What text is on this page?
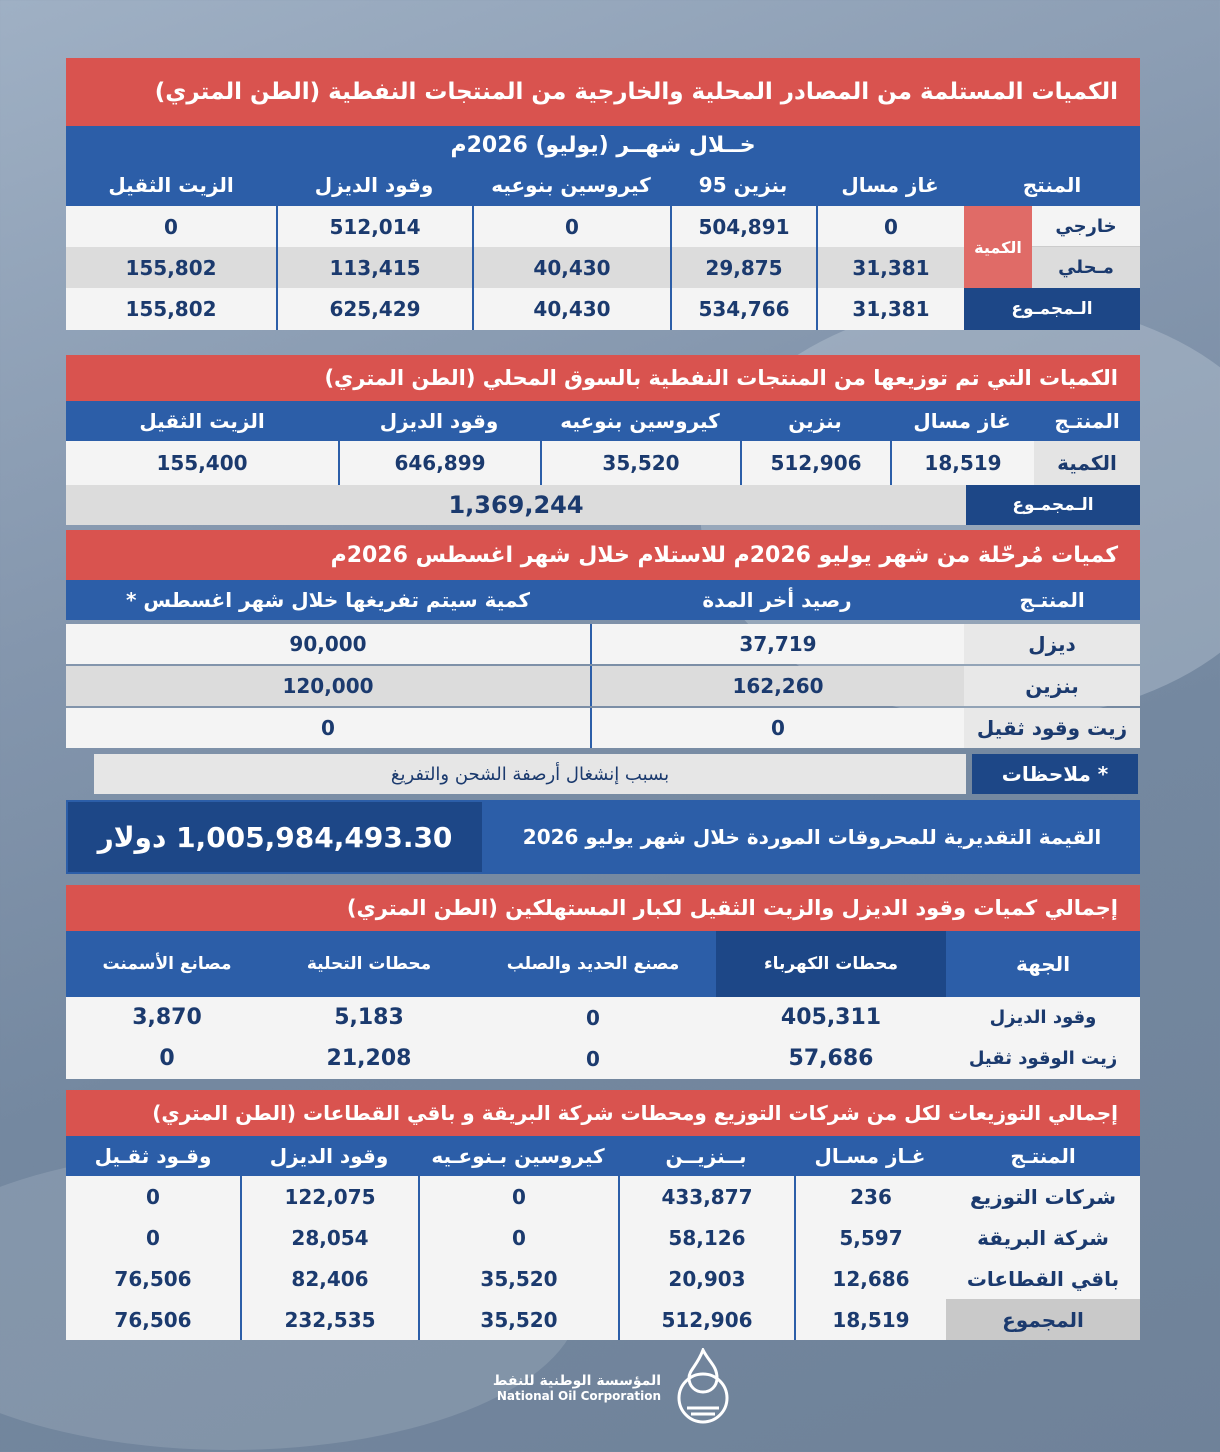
الكميات المستلمة من المصادر المحلية والخارجية من المنتجات النفطية (الطن المتري)
خــلال شهــر (يوليو) 2026م
المنتج
غاز مسال
بنزين 95
كيروسين بنوعيه
وقود الديزل
الزيت الثقيل
خارجي
مـحلي
الكمية
0
504,891
0
512,014
0
31,381
29,875
40,430
113,415
155,802
الـمجمـوع
31,381
534,766
40,430
625,429
155,802
الكميات التي تم توزيعها من المنتجات النفطية بالسوق المحلي (الطن المتري)
المنتـج
غاز مسال
بنزين
كيروسين بنوعيه
وقود الديزل
الزيت الثقيل
الكمية
18,519
512,906
35,520
646,899
155,400
الـمجمـوع
1,369,244
كميات مُرحّلة من شهر يوليو 2026م للاستلام خلال شهر اغسطس 2026م
المنتـج
رصيد أخر المدة
كمية سيتم تفريغها خلال شهر اغسطس *
ديزل
37,719
90,000
بنزين
162,260
120,000
زيت وقود ثقيل
0
0
* ملاحظات
بسبب إنشغال أرصفة الشحن والتفريغ
القيمة التقديرية للمحروقات الموردة خلال شهر يوليو 2026
1,005,984,493.30 دولار
إجمالي كميات وقود الديزل والزيت الثقيل لكبار المستهلكين (الطن المتري)
الجهة
محطات الكهرباء
مصنع الحديد والصلب
محطات التحلية
مصانع الأسمنت
وقود الديزل
405,311
0
5,183
3,870
زيت الوقود ثقيل
57,686
0
21,208
0
إجمالي التوزيعات لكل من شركات التوزيع ومحطات شركة البريقة و باقي القطاعات (الطن المتري)
المنتـج
غـاز مسـال
بــنزيــن
كيروسين بـنوعـيه
وقود الديزل
وقـود ثقـيل
شركات التوزيع
236
433,877
0
122,075
0
شركة البريقة
5,597
58,126
0
28,054
0
باقي القطاعات
12,686
20,903
35,520
82,406
76,506
المجموع
18,519
512,906
35,520
232,535
76,506
المؤسسة الوطنية للنفط
National Oil Corporation
